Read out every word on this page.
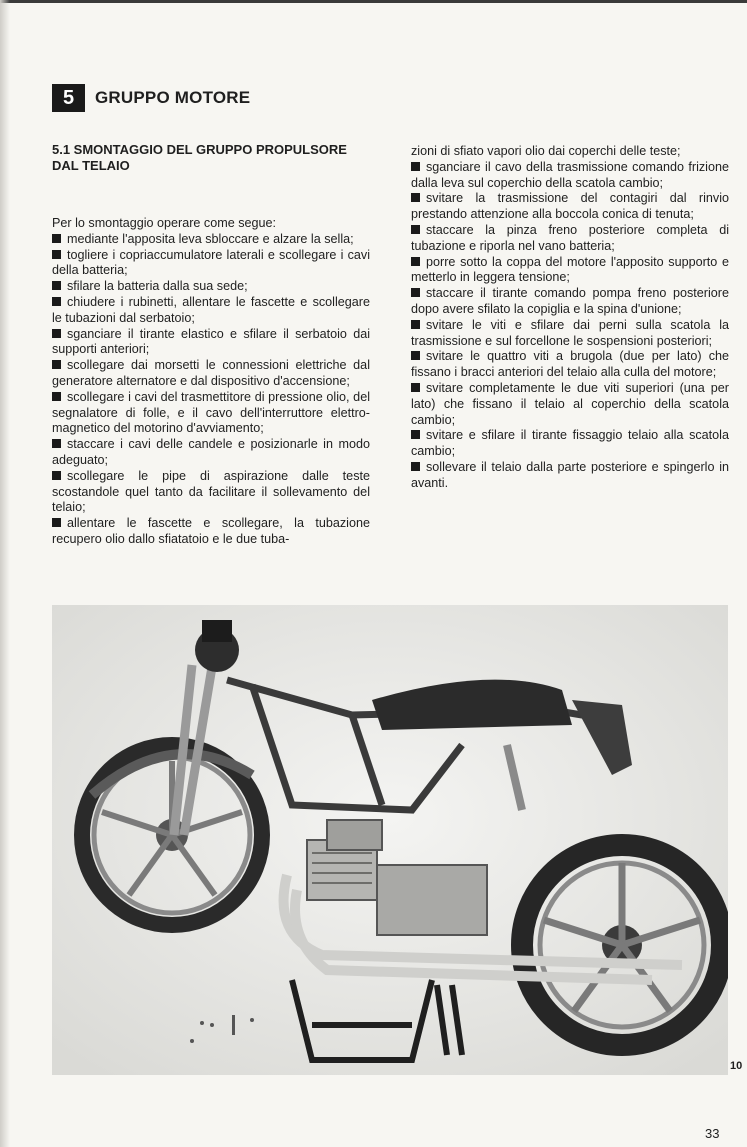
5	GRUPPO MOTORE
5.1 SMONTAGGIO DEL GRUPPO PROPULSORE DAL TELAIO
Per lo smontaggio operare come segue:
mediante l'apposita leva sbloccare e alzare la sella;
togliere i copriaccumulatore laterali e scollegare i cavi della batteria;
sfilare la batteria dalla sua sede;
chiudere i rubinetti, allentare le fascette e scollegare le tubazioni dal serbatoio;
sganciare il tirante elastico e sfilare il serbatoio dai supporti anteriori;
scollegare dai morsetti le connessioni elettriche dal generatore alternatore e dal dispositivo d'accensione;
scollegare i cavi del trasmettitore di pressione olio, del segnalatore di folle, e il cavo dell'interruttore elettro-magnetico del motorino d'avviamento;
staccare i cavi delle candele e posizionarle in modo adeguato;
scollegare le pipe di aspirazione dalle teste scostandole quel tanto da facilitare il sollevamento del telaio;
allentare le fascette e scollegare, la tubazione recupero olio dallo sfiatatoio e le due tuba-
zioni di sfiato vapori olio dai coperchi delle teste;
sganciare il cavo della trasmissione comando frizione dalla leva sul coperchio della scatola cambio;
svitare la trasmissione del contagiri dal rinvio prestando attenzione alla boccola conica di tenuta;
staccare la pinza freno posteriore completa di tubazione e riporla nel vano batteria;
porre sotto la coppa del motore l'apposito supporto e metterlo in leggera tensione;
staccare il tirante comando pompa freno posteriore dopo avere sfilato la copiglia e la spina d'unione;
svitare le viti e sfilare dai perni sulla scatola la trasmissione e sul forcellone le sospensioni posteriori;
svitare le quattro viti a brugola (due per lato) che fissano i bracci anteriori del telaio alla culla del motore;
svitare completamente le due viti superiori (una per lato) che fissano il telaio al coperchio della scatola cambio;
svitare e sfilare il tirante fissaggio telaio alla scatola cambio;
sollevare il telaio dalla parte posteriore e spingerlo in avanti.
10
33
